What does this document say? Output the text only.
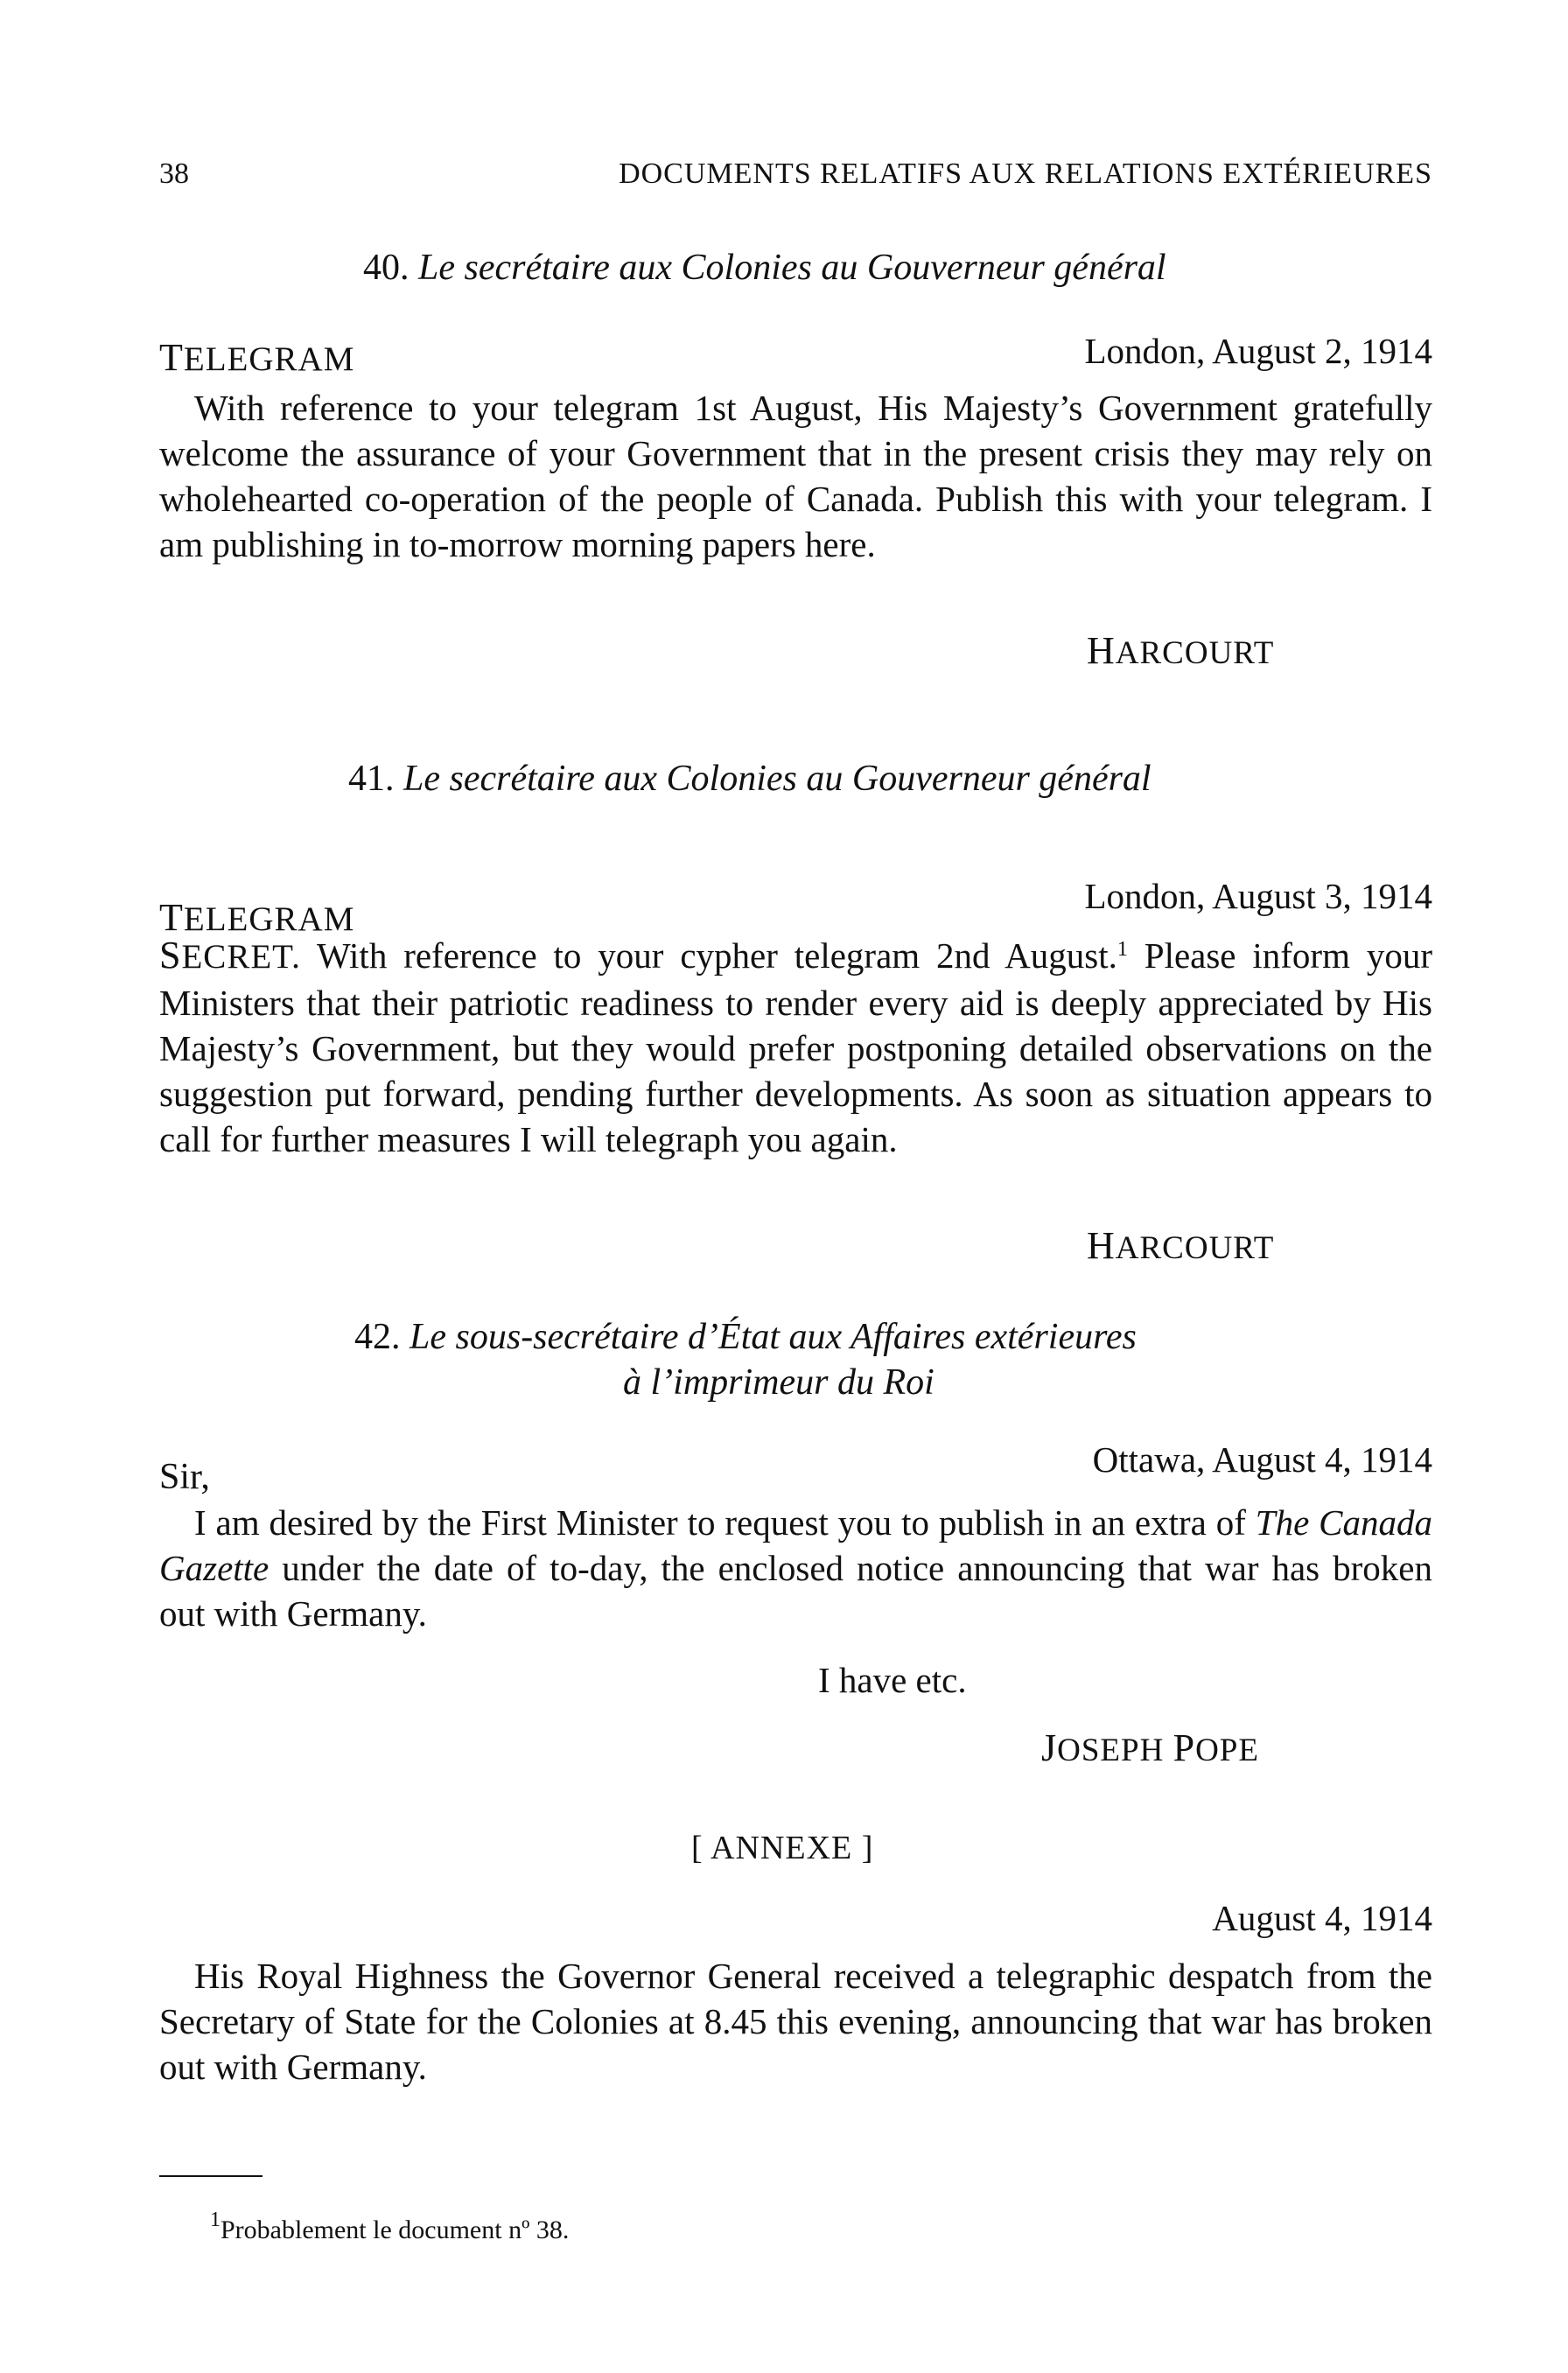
38	DOCUMENTS RELATIFS AUX RELATIONS EXTÉRIEURES
40. Le secrétaire aux Colonies au Gouverneur général
TELEGRAM	London, August 2, 1914

With reference to your telegram 1st August, His Majesty’s Government gratefully welcome the assurance of your Government that in the present crisis they may rely on wholehearted co-operation of the people of Canada. Publish this with your telegram. I am publishing in to-morrow morning papers here.

HARCOURT
41. Le secrétaire aux Colonies au Gouverneur général
TELEGRAM
London, August 3, 1914

SECRET. With reference to your cypher telegram 2nd August.$^1$ Please inform your Ministers that their patriotic readiness to render every aid is deeply appreciated by His Majesty’s Government, but they would prefer postponing detailed observations on the suggestion put forward, pending further developments. As soon as situation appears to call for further measures I will telegraph you again.

HARCOURT
42. Le sous-secrétaire d’État aux Affaires extérieures
à l’imprimeur du Roi
Sir,	Ottawa, August 4, 1914

I am desired by the First Minister to request you to publish in an extra of The Canada Gazette under the date of to-day, the enclosed notice announcing that war has broken out with Germany.

I have etc.
JOSEPH POPE
[ ANNEXE ]
August 4, 1914

His Royal Highness the Governor General received a telegraphic despatch from the Secretary of State for the Colonies at 8.45 this evening, announcing that war has broken out with Germany.

$^1$Probablement le document nº 38.
